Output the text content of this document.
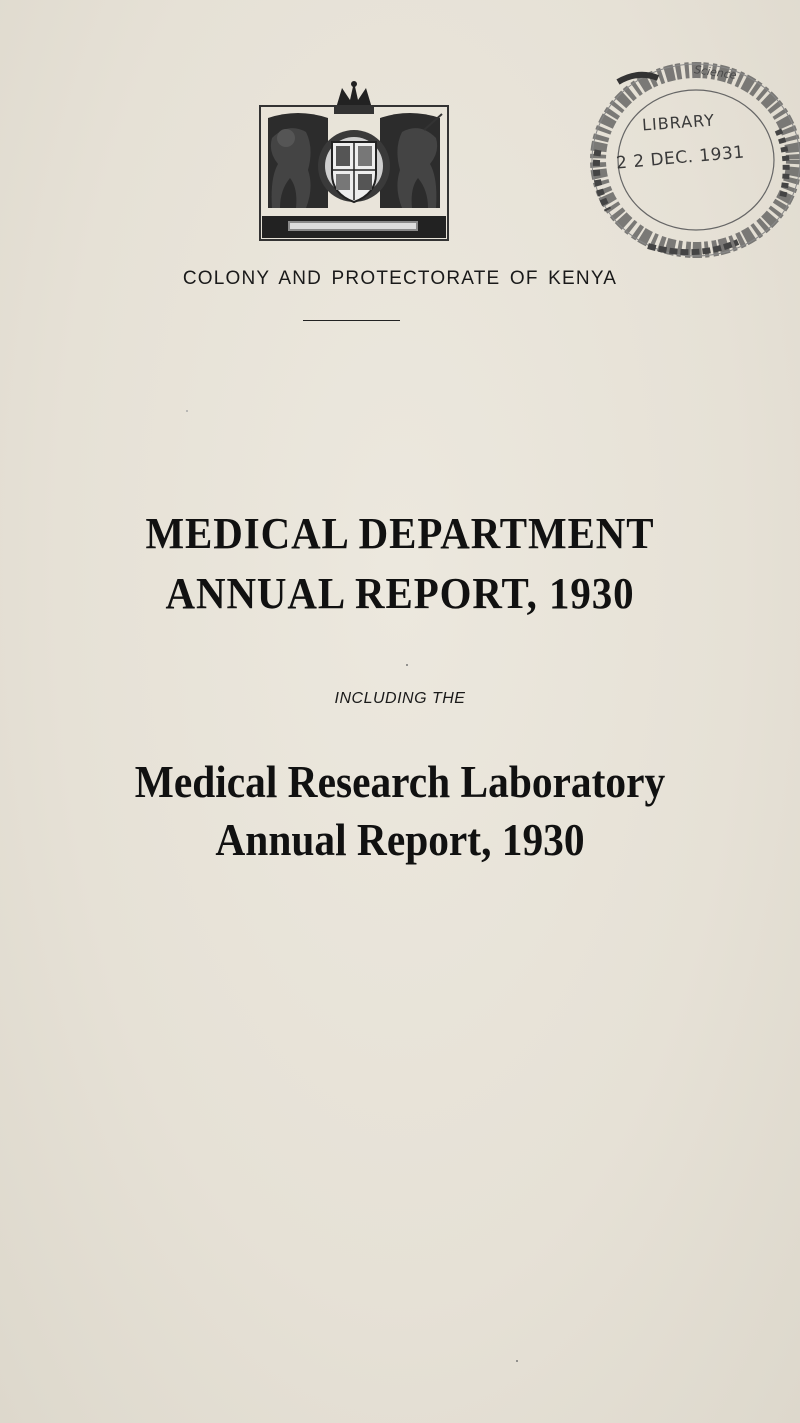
Science
LIBRARY
2 2 DEC. 1931
COLONY AND PROTECTORATE OF KENYA
MEDICAL DEPARTMENT
ANNUAL REPORT, 1930
INCLUDING THE
Medical Research Laboratory
Annual Report, 1930
